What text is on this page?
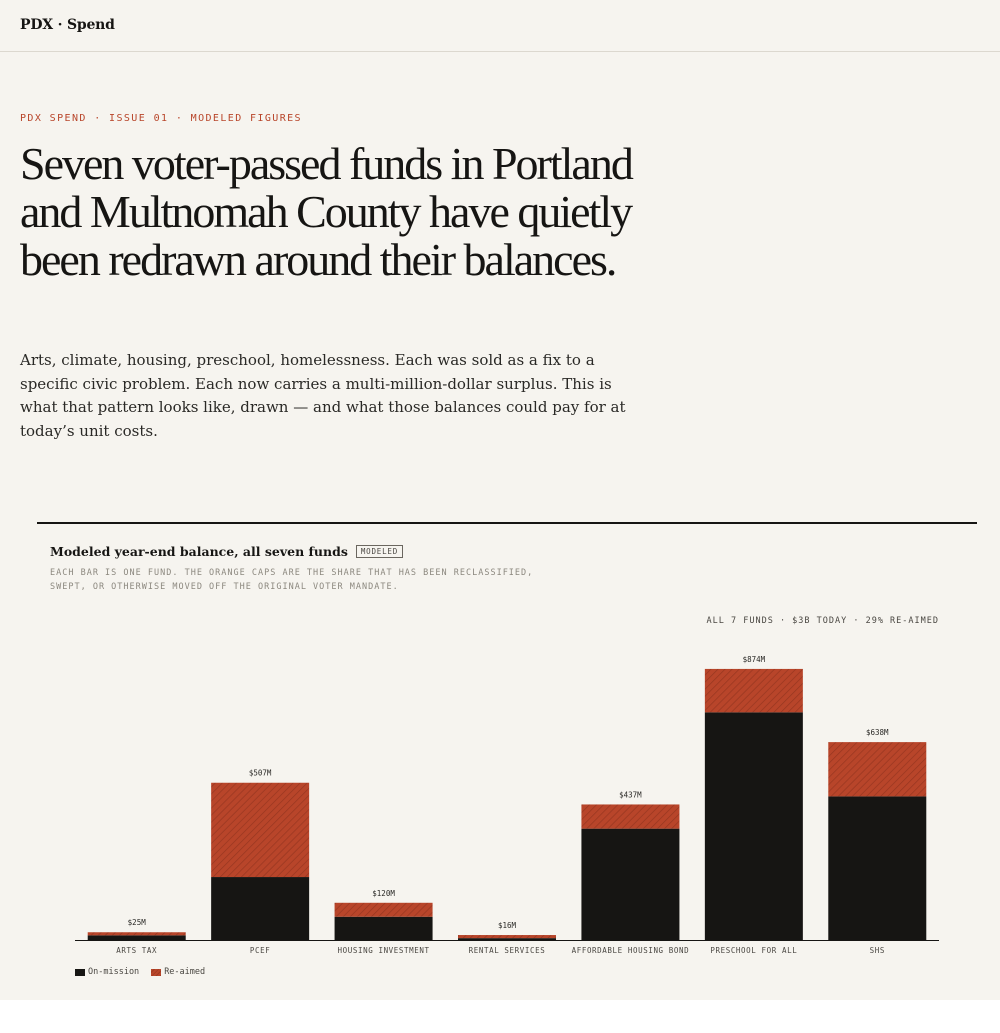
PDX · Spend
PDX SPEND · ISSUE 01 · MODELED FIGURES
Seven voter-passed funds in Portland and Multnomah County have quietly been redrawn around their balances.

Arts, climate, housing, preschool, homelessness. Each was sold as a fix to a specific civic problem. Each now carries a multi-million-dollar surplus. This is what that pattern looks like, drawn — and what those balances could pay for at today’s unit costs.

Modeled year-end balance, all seven funds	MODELED
EACH BAR IS ONE FUND. THE ORANGE CAPS ARE THE SHARE THAT HAS BEEN RECLASSIFIED, SWEPT, OR OTHERWISE MOVED OFF THE ORIGINAL VOTER MANDATE.
ALL 7 FUNDS · $3B TODAY · 29% RE-AIMED
$25M
ARTS TAX
$507M
PCEF
$120M
HOUSING INVESTMENT
$16M
RENTAL SERVICES
$437M
AFFORDABLE HOUSING BOND
$874M
PRESCHOOL FOR ALL
$638M
SHS
On-mission	Re-aimed
